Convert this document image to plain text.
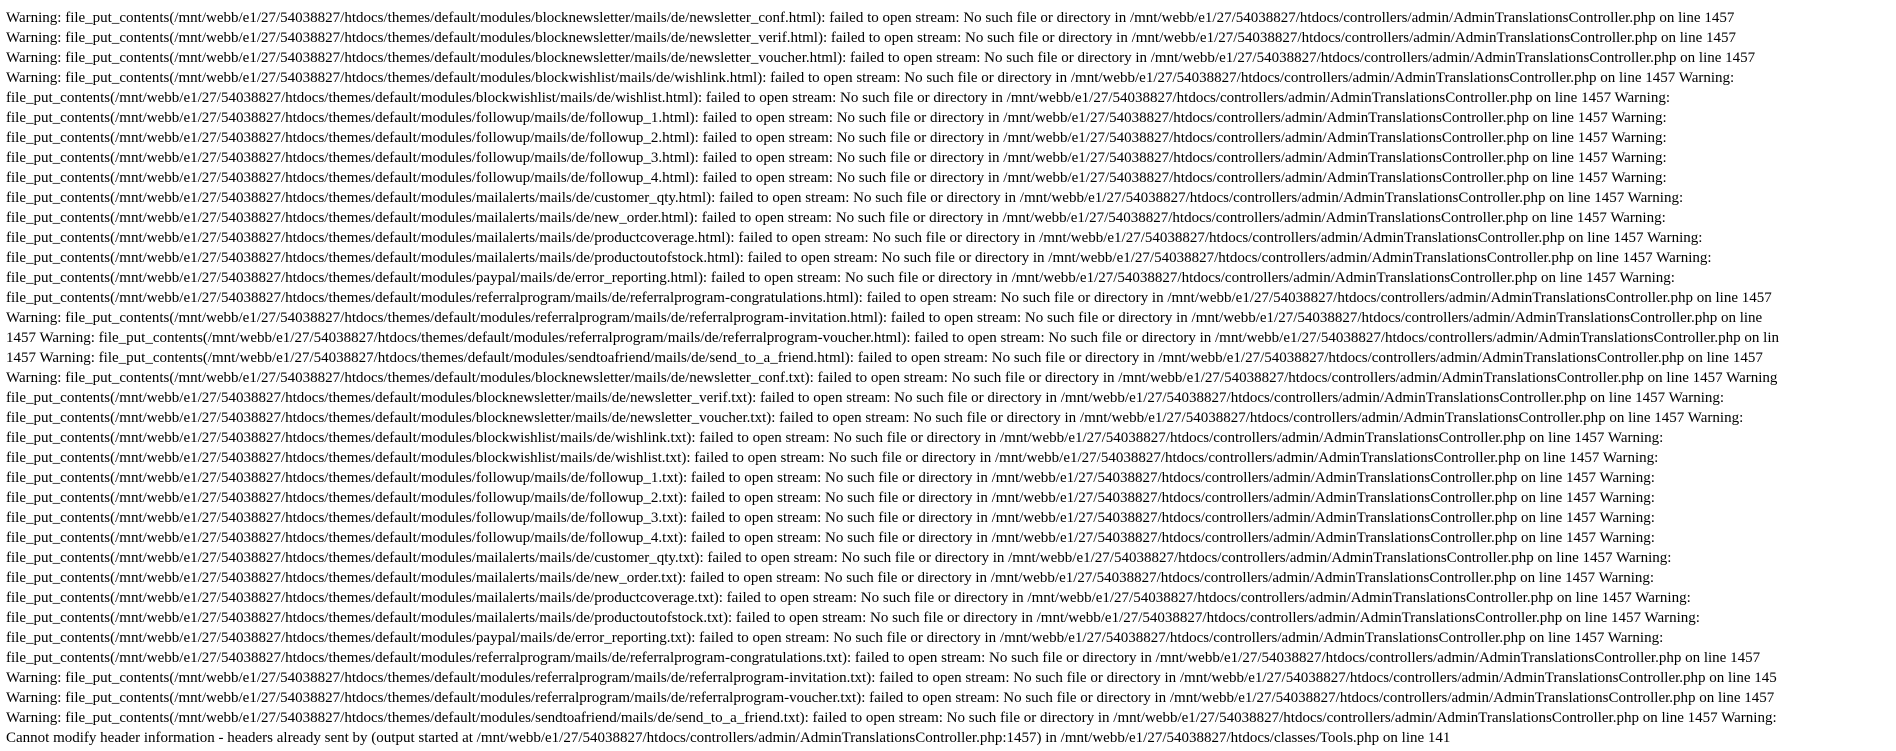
Warning: file_put_contents(/mnt/webb/e1/27/54038827/htdocs/themes/default/modules/blocknewsletter/mails/de/newsletter_conf.html): failed to open stream: No such file or directory in /mnt/webb/e1/27/54038827/htdocs/controllers/admin/AdminTranslationsController.php on line 1457
Warning: file_put_contents(/mnt/webb/e1/27/54038827/htdocs/themes/default/modules/blocknewsletter/mails/de/newsletter_verif.html): failed to open stream: No such file or directory in /mnt/webb/e1/27/54038827/htdocs/controllers/admin/AdminTranslationsController.php on line 1457
Warning: file_put_contents(/mnt/webb/e1/27/54038827/htdocs/themes/default/modules/blocknewsletter/mails/de/newsletter_voucher.html): failed to open stream: No such file or directory in /mnt/webb/e1/27/54038827/htdocs/controllers/admin/AdminTranslationsController.php on line 1457
Warning: file_put_contents(/mnt/webb/e1/27/54038827/htdocs/themes/default/modules/blockwishlist/mails/de/wishlink.html): failed to open stream: No such file or directory in /mnt/webb/e1/27/54038827/htdocs/controllers/admin/AdminTranslationsController.php on line 1457 Warning:
file_put_contents(/mnt/webb/e1/27/54038827/htdocs/themes/default/modules/blockwishlist/mails/de/wishlist.html): failed to open stream: No such file or directory in /mnt/webb/e1/27/54038827/htdocs/controllers/admin/AdminTranslationsController.php on line 1457 Warning:
file_put_contents(/mnt/webb/e1/27/54038827/htdocs/themes/default/modules/followup/mails/de/followup_1.html): failed to open stream: No such file or directory in /mnt/webb/e1/27/54038827/htdocs/controllers/admin/AdminTranslationsController.php on line 1457 Warning:
file_put_contents(/mnt/webb/e1/27/54038827/htdocs/themes/default/modules/followup/mails/de/followup_2.html): failed to open stream: No such file or directory in /mnt/webb/e1/27/54038827/htdocs/controllers/admin/AdminTranslationsController.php on line 1457 Warning:
file_put_contents(/mnt/webb/e1/27/54038827/htdocs/themes/default/modules/followup/mails/de/followup_3.html): failed to open stream: No such file or directory in /mnt/webb/e1/27/54038827/htdocs/controllers/admin/AdminTranslationsController.php on line 1457 Warning:
file_put_contents(/mnt/webb/e1/27/54038827/htdocs/themes/default/modules/followup/mails/de/followup_4.html): failed to open stream: No such file or directory in /mnt/webb/e1/27/54038827/htdocs/controllers/admin/AdminTranslationsController.php on line 1457 Warning:
file_put_contents(/mnt/webb/e1/27/54038827/htdocs/themes/default/modules/mailalerts/mails/de/customer_qty.html): failed to open stream: No such file or directory in /mnt/webb/e1/27/54038827/htdocs/controllers/admin/AdminTranslationsController.php on line 1457 Warning:
file_put_contents(/mnt/webb/e1/27/54038827/htdocs/themes/default/modules/mailalerts/mails/de/new_order.html): failed to open stream: No such file or directory in /mnt/webb/e1/27/54038827/htdocs/controllers/admin/AdminTranslationsController.php on line 1457 Warning:
file_put_contents(/mnt/webb/e1/27/54038827/htdocs/themes/default/modules/mailalerts/mails/de/productcoverage.html): failed to open stream: No such file or directory in /mnt/webb/e1/27/54038827/htdocs/controllers/admin/AdminTranslationsController.php on line 1457 Warning:
file_put_contents(/mnt/webb/e1/27/54038827/htdocs/themes/default/modules/mailalerts/mails/de/productoutofstock.html): failed to open stream: No such file or directory in /mnt/webb/e1/27/54038827/htdocs/controllers/admin/AdminTranslationsController.php on line 1457 Warning:
file_put_contents(/mnt/webb/e1/27/54038827/htdocs/themes/default/modules/paypal/mails/de/error_reporting.html): failed to open stream: No such file or directory in /mnt/webb/e1/27/54038827/htdocs/controllers/admin/AdminTranslationsController.php on line 1457 Warning:
file_put_contents(/mnt/webb/e1/27/54038827/htdocs/themes/default/modules/referralprogram/mails/de/referralprogram-congratulations.html): failed to open stream: No such file or directory in /mnt/webb/e1/27/54038827/htdocs/controllers/admin/AdminTranslationsController.php on line 1457
Warning: file_put_contents(/mnt/webb/e1/27/54038827/htdocs/themes/default/modules/referralprogram/mails/de/referralprogram-invitation.html): failed to open stream: No such file or directory in /mnt/webb/e1/27/54038827/htdocs/controllers/admin/AdminTranslationsController.php on line
1457 Warning: file_put_contents(/mnt/webb/e1/27/54038827/htdocs/themes/default/modules/referralprogram/mails/de/referralprogram-voucher.html): failed to open stream: No such file or directory in /mnt/webb/e1/27/54038827/htdocs/controllers/admin/AdminTranslationsController.php on lin
1457 Warning: file_put_contents(/mnt/webb/e1/27/54038827/htdocs/themes/default/modules/sendtoafriend/mails/de/send_to_a_friend.html): failed to open stream: No such file or directory in /mnt/webb/e1/27/54038827/htdocs/controllers/admin/AdminTranslationsController.php on line 1457
Warning: file_put_contents(/mnt/webb/e1/27/54038827/htdocs/themes/default/modules/blocknewsletter/mails/de/newsletter_conf.txt): failed to open stream: No such file or directory in /mnt/webb/e1/27/54038827/htdocs/controllers/admin/AdminTranslationsController.php on line 1457 Warning
file_put_contents(/mnt/webb/e1/27/54038827/htdocs/themes/default/modules/blocknewsletter/mails/de/newsletter_verif.txt): failed to open stream: No such file or directory in /mnt/webb/e1/27/54038827/htdocs/controllers/admin/AdminTranslationsController.php on line 1457 Warning:
file_put_contents(/mnt/webb/e1/27/54038827/htdocs/themes/default/modules/blocknewsletter/mails/de/newsletter_voucher.txt): failed to open stream: No such file or directory in /mnt/webb/e1/27/54038827/htdocs/controllers/admin/AdminTranslationsController.php on line 1457 Warning:
file_put_contents(/mnt/webb/e1/27/54038827/htdocs/themes/default/modules/blockwishlist/mails/de/wishlink.txt): failed to open stream: No such file or directory in /mnt/webb/e1/27/54038827/htdocs/controllers/admin/AdminTranslationsController.php on line 1457 Warning:
file_put_contents(/mnt/webb/e1/27/54038827/htdocs/themes/default/modules/blockwishlist/mails/de/wishlist.txt): failed to open stream: No such file or directory in /mnt/webb/e1/27/54038827/htdocs/controllers/admin/AdminTranslationsController.php on line 1457 Warning:
file_put_contents(/mnt/webb/e1/27/54038827/htdocs/themes/default/modules/followup/mails/de/followup_1.txt): failed to open stream: No such file or directory in /mnt/webb/e1/27/54038827/htdocs/controllers/admin/AdminTranslationsController.php on line 1457 Warning:
file_put_contents(/mnt/webb/e1/27/54038827/htdocs/themes/default/modules/followup/mails/de/followup_2.txt): failed to open stream: No such file or directory in /mnt/webb/e1/27/54038827/htdocs/controllers/admin/AdminTranslationsController.php on line 1457 Warning:
file_put_contents(/mnt/webb/e1/27/54038827/htdocs/themes/default/modules/followup/mails/de/followup_3.txt): failed to open stream: No such file or directory in /mnt/webb/e1/27/54038827/htdocs/controllers/admin/AdminTranslationsController.php on line 1457 Warning:
file_put_contents(/mnt/webb/e1/27/54038827/htdocs/themes/default/modules/followup/mails/de/followup_4.txt): failed to open stream: No such file or directory in /mnt/webb/e1/27/54038827/htdocs/controllers/admin/AdminTranslationsController.php on line 1457 Warning:
file_put_contents(/mnt/webb/e1/27/54038827/htdocs/themes/default/modules/mailalerts/mails/de/customer_qty.txt): failed to open stream: No such file or directory in /mnt/webb/e1/27/54038827/htdocs/controllers/admin/AdminTranslationsController.php on line 1457 Warning:
file_put_contents(/mnt/webb/e1/27/54038827/htdocs/themes/default/modules/mailalerts/mails/de/new_order.txt): failed to open stream: No such file or directory in /mnt/webb/e1/27/54038827/htdocs/controllers/admin/AdminTranslationsController.php on line 1457 Warning:
file_put_contents(/mnt/webb/e1/27/54038827/htdocs/themes/default/modules/mailalerts/mails/de/productcoverage.txt): failed to open stream: No such file or directory in /mnt/webb/e1/27/54038827/htdocs/controllers/admin/AdminTranslationsController.php on line 1457 Warning:
file_put_contents(/mnt/webb/e1/27/54038827/htdocs/themes/default/modules/mailalerts/mails/de/productoutofstock.txt): failed to open stream: No such file or directory in /mnt/webb/e1/27/54038827/htdocs/controllers/admin/AdminTranslationsController.php on line 1457 Warning:
file_put_contents(/mnt/webb/e1/27/54038827/htdocs/themes/default/modules/paypal/mails/de/error_reporting.txt): failed to open stream: No such file or directory in /mnt/webb/e1/27/54038827/htdocs/controllers/admin/AdminTranslationsController.php on line 1457 Warning:
file_put_contents(/mnt/webb/e1/27/54038827/htdocs/themes/default/modules/referralprogram/mails/de/referralprogram-congratulations.txt): failed to open stream: No such file or directory in /mnt/webb/e1/27/54038827/htdocs/controllers/admin/AdminTranslationsController.php on line 1457
Warning: file_put_contents(/mnt/webb/e1/27/54038827/htdocs/themes/default/modules/referralprogram/mails/de/referralprogram-invitation.txt): failed to open stream: No such file or directory in /mnt/webb/e1/27/54038827/htdocs/controllers/admin/AdminTranslationsController.php on line 145
Warning: file_put_contents(/mnt/webb/e1/27/54038827/htdocs/themes/default/modules/referralprogram/mails/de/referralprogram-voucher.txt): failed to open stream: No such file or directory in /mnt/webb/e1/27/54038827/htdocs/controllers/admin/AdminTranslationsController.php on line 1457
Warning: file_put_contents(/mnt/webb/e1/27/54038827/htdocs/themes/default/modules/sendtoafriend/mails/de/send_to_a_friend.txt): failed to open stream: No such file or directory in /mnt/webb/e1/27/54038827/htdocs/controllers/admin/AdminTranslationsController.php on line 1457 Warning:
Cannot modify header information - headers already sent by (output started at /mnt/webb/e1/27/54038827/htdocs/controllers/admin/AdminTranslationsController.php:1457) in /mnt/webb/e1/27/54038827/htdocs/classes/Tools.php on line 141
